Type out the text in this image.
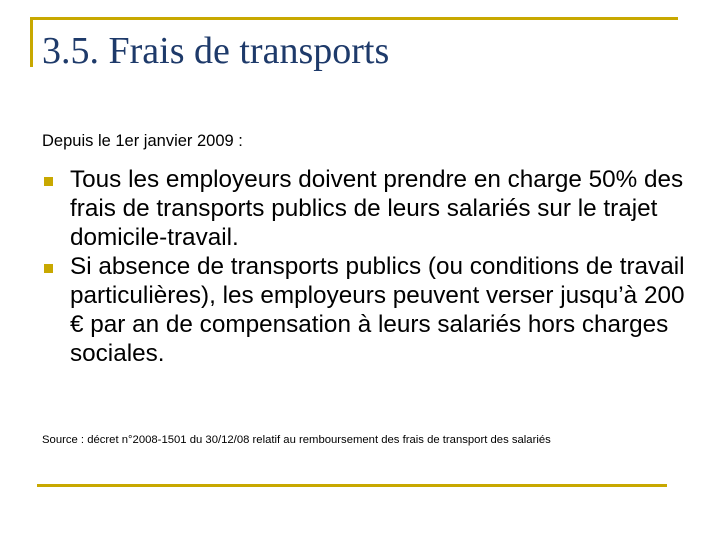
3.5. Frais de transports
Depuis le 1er janvier 2009 :
Tous les employeurs doivent prendre en charge 50% des frais de transports publics de leurs salariés sur le trajet domicile-travail.
Si absence de transports publics (ou conditions de travail particulières), les employeurs peuvent verser jusqu’à 200 € par an de compensation à leurs salariés hors charges sociales.
Source : décret n°2008-1501 du 30/12/08 relatif au remboursement des frais de transport des salariés
